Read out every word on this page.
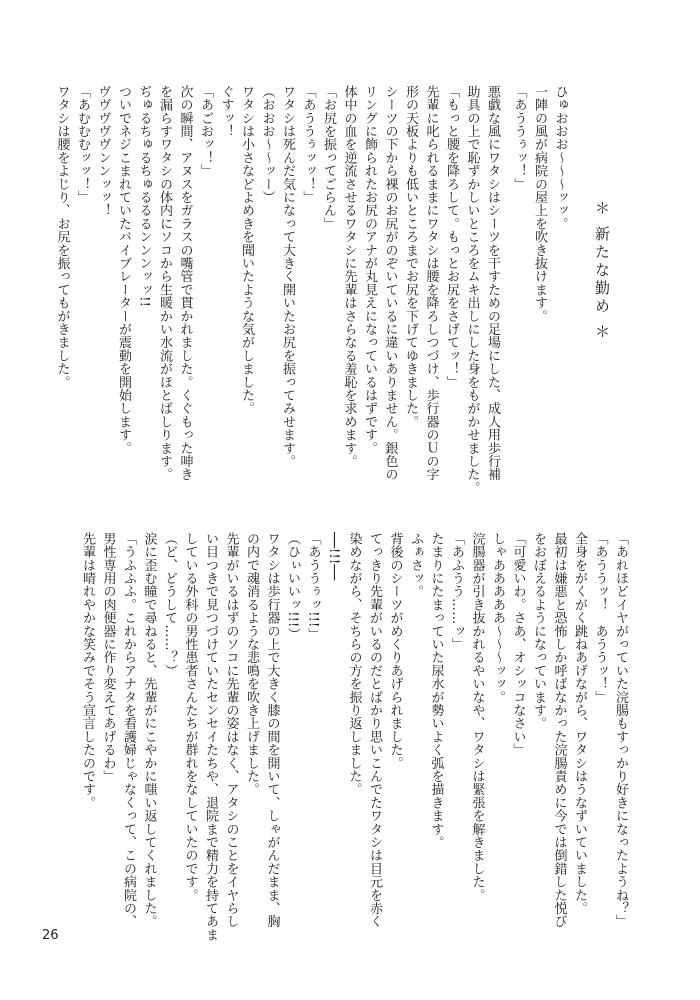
＊ 新たな勤め ＊
ひゅおおお〜〜〜ッッ。
一陣の風が病院の屋上を吹き抜けます。
「あううぅッ！」
悪戯な風にワタシはシーツを干すための足場にした、成人用歩行補
助具の上で恥ずかしいところをムキ出しにした身をもがかせました。
「もっと腰を降ろして。もっとお尻をさげてッ！」
先輩に叱られるままにワタシは腰を降ろしつづけ、歩行器のＵの字
形の天板よりも低いところまでお尻を下げてゆきました。
シーツの下から裸のお尻がのぞいているに違いありません。銀色の
リングに飾られたお尻のアナが丸見えになっているはずです。
体中の血を逆流させるワタシに先輩はさらなる羞恥を求めます。
「お尻を振ってごらん」
「あううぅッッ！」
ワタシは死んだ気になって大きく開いたお尻を振ってみせます。
（おおお〜〜ッー）
ワタシは小さなどよめきを聞いたような気がしました。
ぐすッ！
「あごおッ！」
次の瞬間、アヌスをガラスの嘴管で貫かれました。くぐもった呻き
を漏らすワタシの体内にソコから生暖かい水流がほとばしります。
ぢゅるちゅるちゅるるるンンンッッ!!
ついでネジこまれていたバイブレーターが震動を開始します。
ヴヴヴヴヴンンッッ！
「あむむむッッ！」
ワタシは腰をよじり、お尻を振ってもがきました。
「あれほどイヤがっていた浣腸もすっかり好きになったようね？」
「あううッ！　あううッ！」
全身をがくがく跳ねあげながら、ワタシはうなずいていました。
最初は嫌悪と恐怖しか呼ばなかった浣腸責めに今では倒錯した悦び
をおぼえるようになっています。
「可愛いわ。さあ、オシッコなさい」
しゃあああああ〜〜〜ッッ。
浣腸器が引き抜かれるやいなや、ワタシは緊張を解きました。
「あふうう……ッ」
たまりにたまっていた尿水が勢いよく弧を描きます。
ふぁさッ。
背後のシーツがめくりあげられました。
てっきり先輩がいるのだとばかり思いこんでたワタシは目元を赤く
染めながら、そちらの方を振り返しました。
──!!!──
「あううぅッ!!!」
（ひぃいいッ!!!）
ワタシは歩行器の上で大きく膝の間を開いて、しゃがんだまま、胸
の内で魂消るような悲鳴を吹き上げました。
先輩がいるはずのソコに先輩の姿はなく、アタシのことをイヤらし
い目つきで見つづけていたセンセイたちや、退院まで精力を持てあま
している外科の男性患者さんたちが群れをなしていたのです。
（ど、どうして……？）
涙に歪む瞳で尋ねると、先輩がにこやかに嗤い返してくれました。
「うふふふ。これからアナタを看護婦じゃなくって、この病院の、
男性専用の肉便器に作り変えてあげるわ」
先輩は晴れやかな笑みでそう宣言したのです。
26
